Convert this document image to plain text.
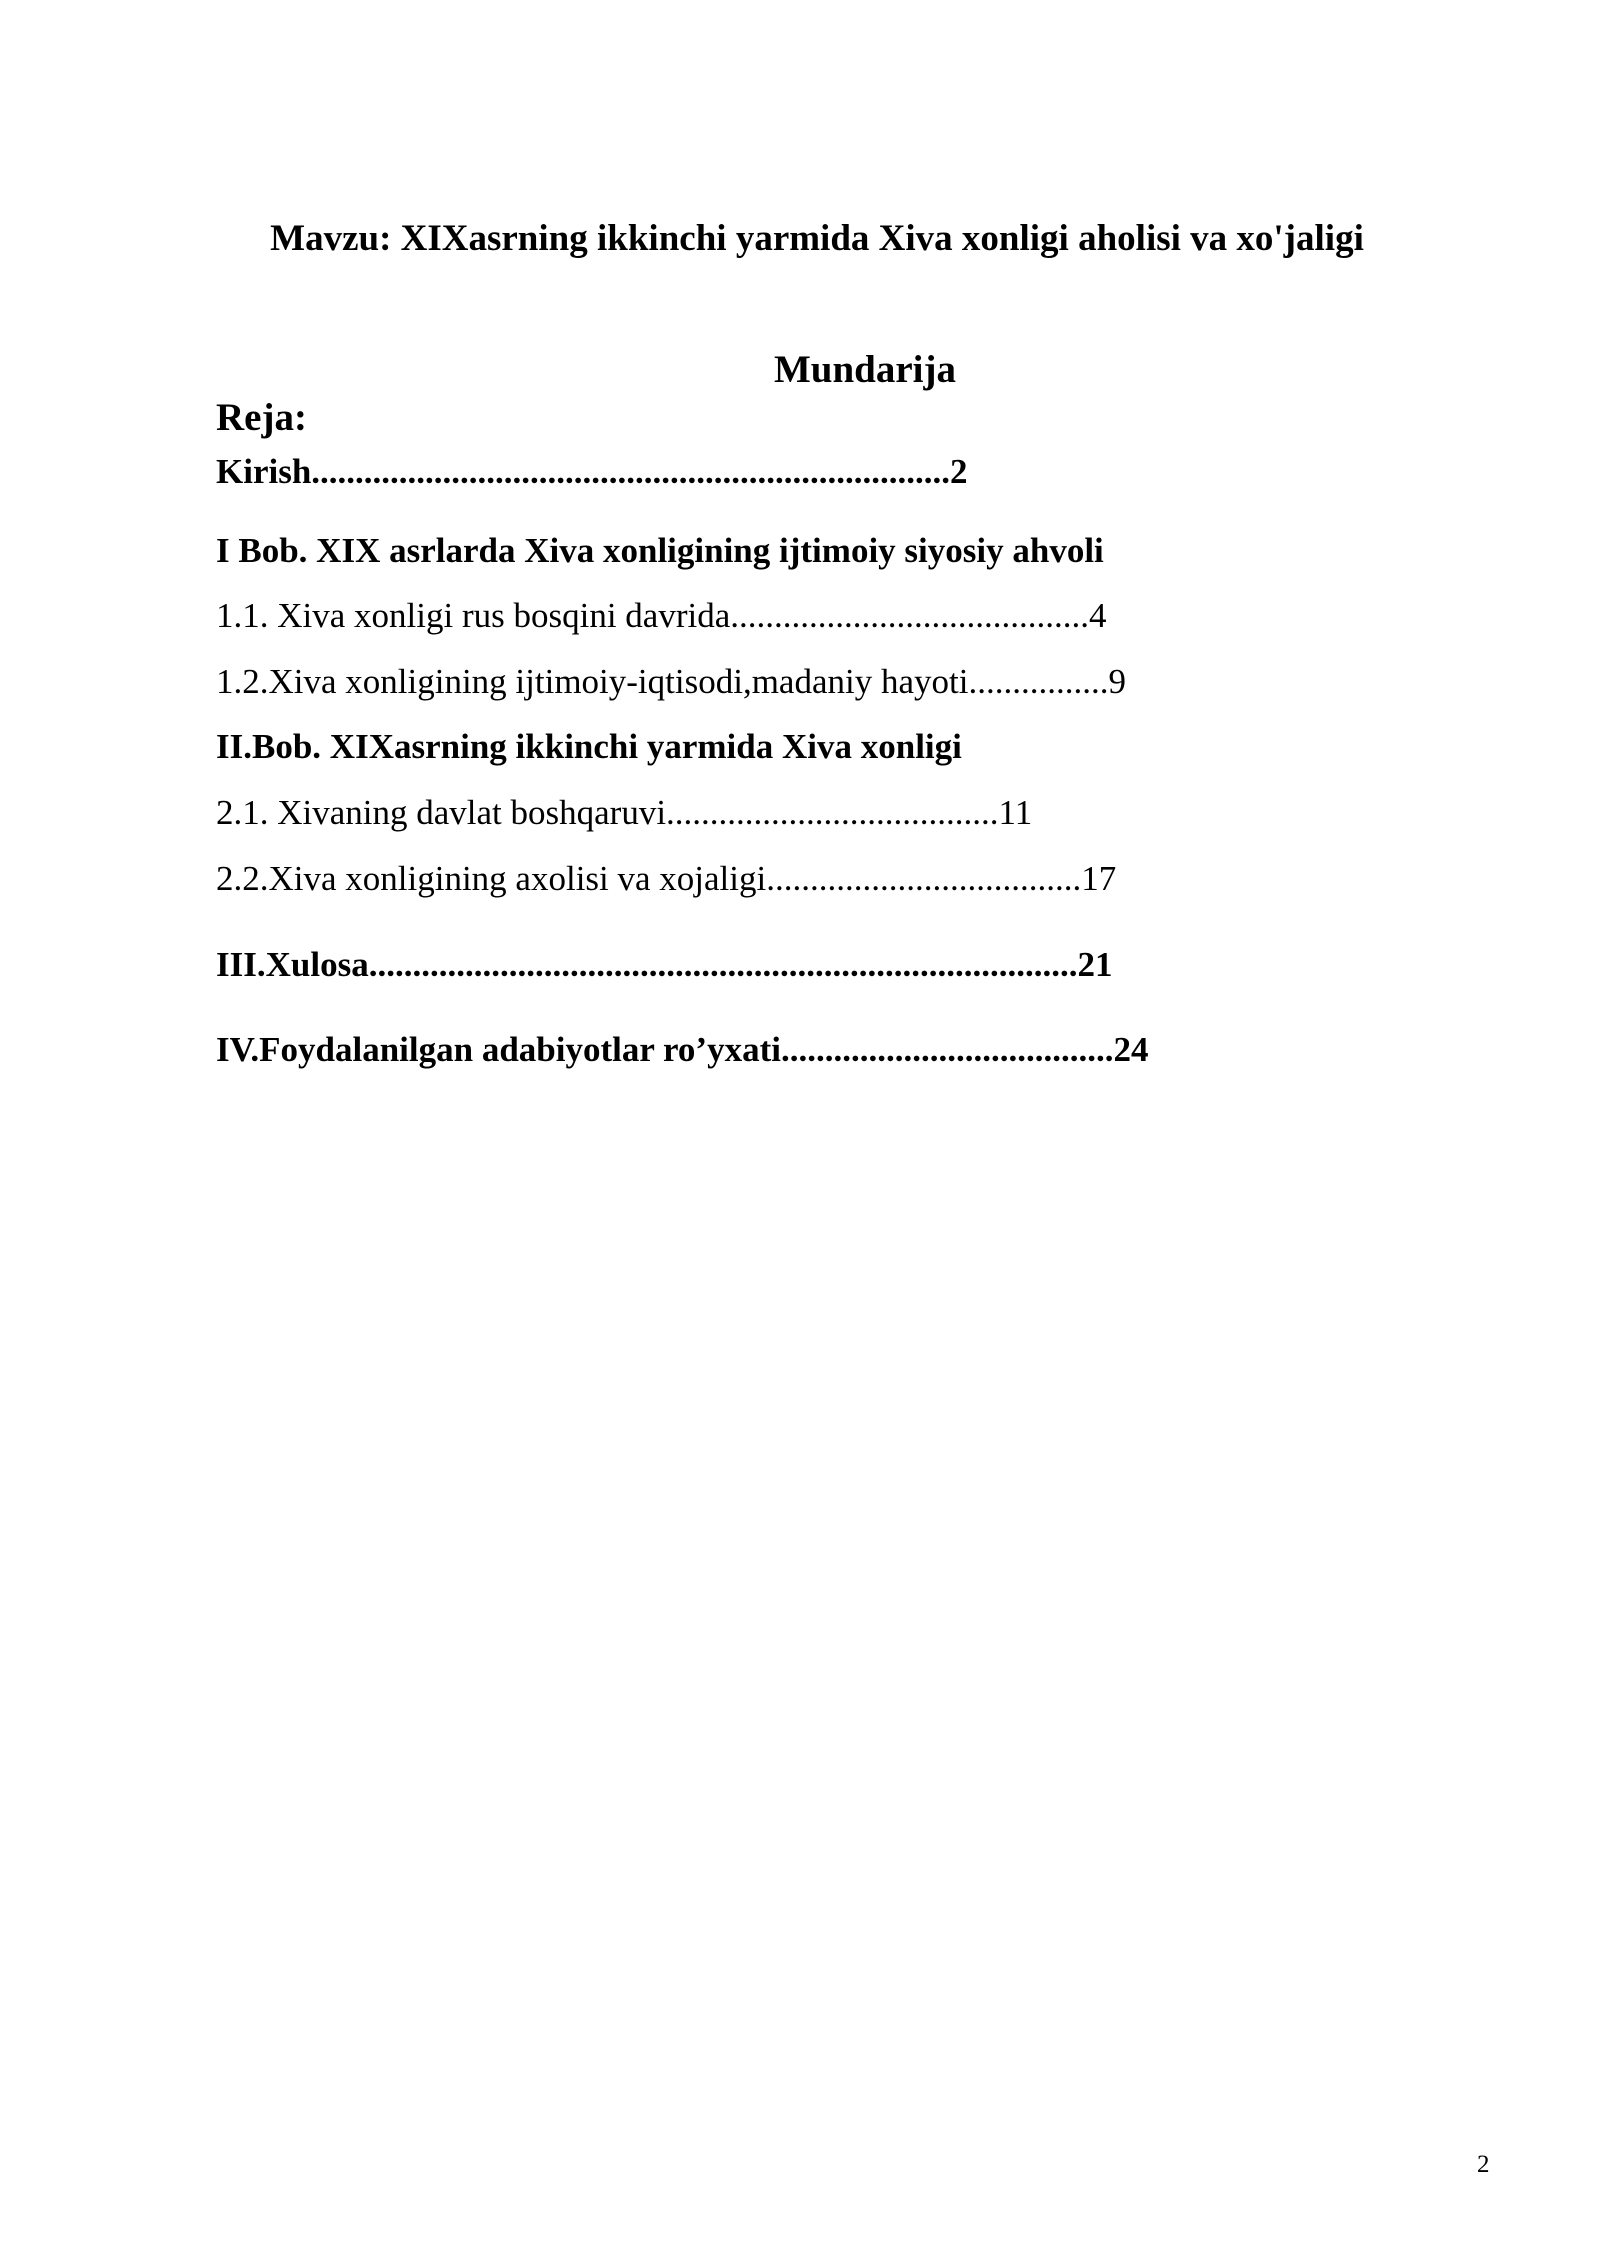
Mavzu: XIXasrning ikkinchi yarmida Xiva xonligi aholisi va xo'jaligi
Mundarija
Reja:
Kirish.........................................................................2
I Bob. XIX asrlarda Xiva xonligining ijtimoiy siyosiy ahvoli
1.1. Xiva xonligi rus bosqini davrida.........................................4
1.2.Xiva xonligining ijtimoiy-iqtisodi,madaniy hayoti................9
II.Bob. XIXasrning ikkinchi yarmida Xiva xonligi
2.1. Xivaning davlat boshqaruvi......................................11
2.2.Xiva xonligining axolisi va xojaligi....................................17
III.Xulosa.................................................................................21
IV.Foydalanilgan adabiyotlar ro’yxati......................................24
2
